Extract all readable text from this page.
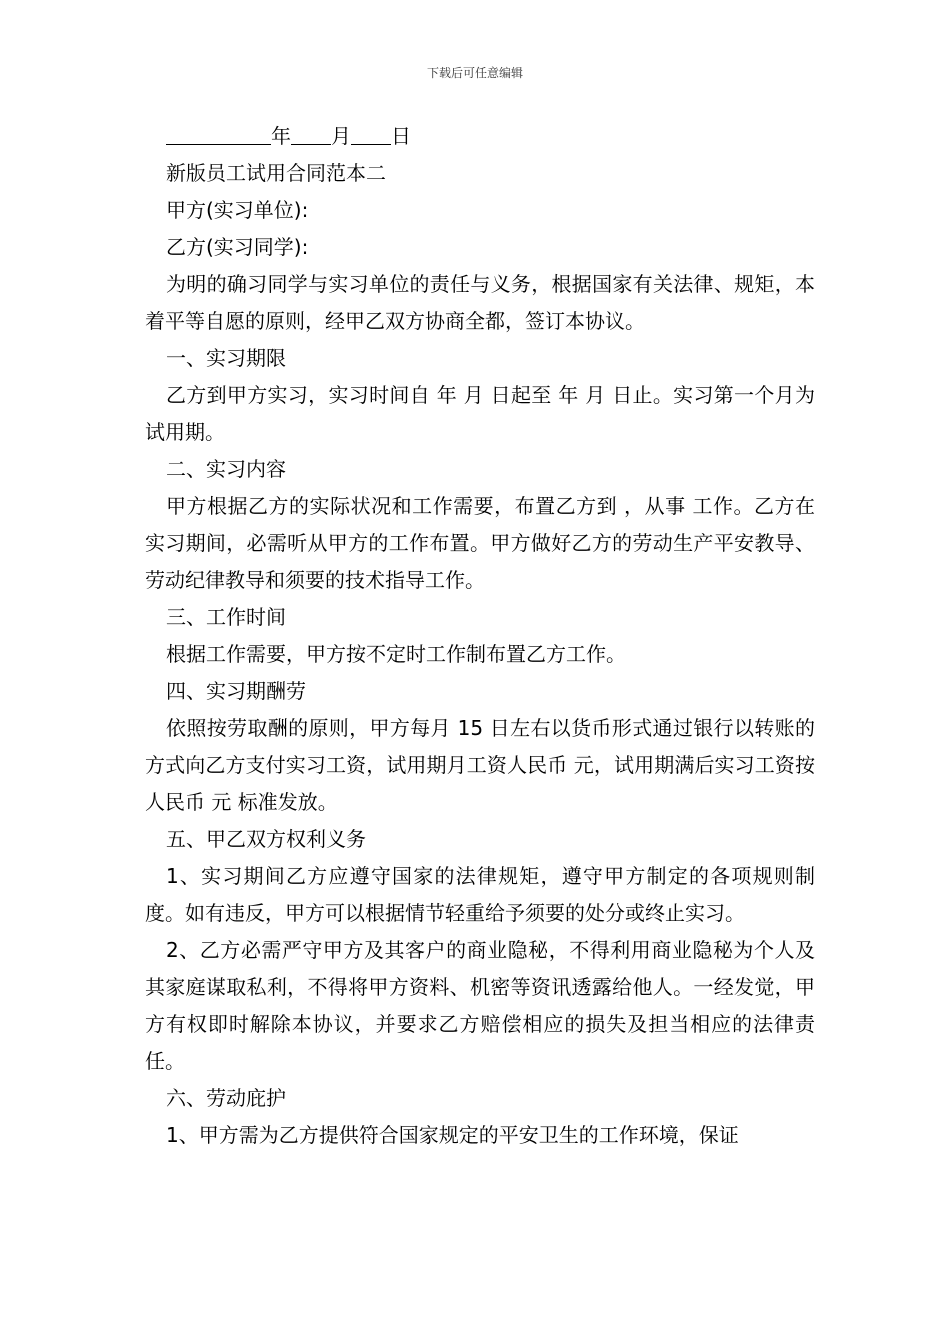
下载后可任意编辑

年 月 日

新版员工试用合同范本二

甲方(实习单位):

乙方(实习同学):

为明的确习同学与实习单位的责任与义务，根据国家有关法律、规矩，本着平等自愿的原则，经甲乙双方协商全都，签订本协议。

一、实习期限

乙方到甲方实习，实习时间自 年 月 日起至 年 月 日止。实习第一个月为试用期。

二、实习内容

甲方根据乙方的实际状况和工作需要，布置乙方到 ，从事 工作。乙方在实习期间，必需听从甲方的工作布置。甲方做好乙方的劳动生产平安教导、劳动纪律教导和须要的技术指导工作。

三、工作时间

根据工作需要，甲方按不定时工作制布置乙方工作。

四、实习期酬劳

依照按劳取酬的原则，甲方每月 15 日左右以货币形式通过银行以转账的方式向乙方支付实习工资，试用期月工资人民币 元，试用期满后实习工资按人民币 元 标准发放。

五、甲乙双方权利义务

1、实习期间乙方应遵守国家的法律规矩，遵守甲方制定的各项规则制度。如有违反，甲方可以根据情节轻重给予须要的处分或终止实习。

2、乙方必需严守甲方及其客户的商业隐秘，不得利用商业隐秘为个人及其家庭谋取私利，不得将甲方资料、机密等资讯透露给他人。一经发觉，甲方有权即时解除本协议，并要求乙方赔偿相应的损失及担当相应的法律责任。

六、劳动庇护

1、甲方需为乙方提供符合国家规定的平安卫生的工作环境，保证
